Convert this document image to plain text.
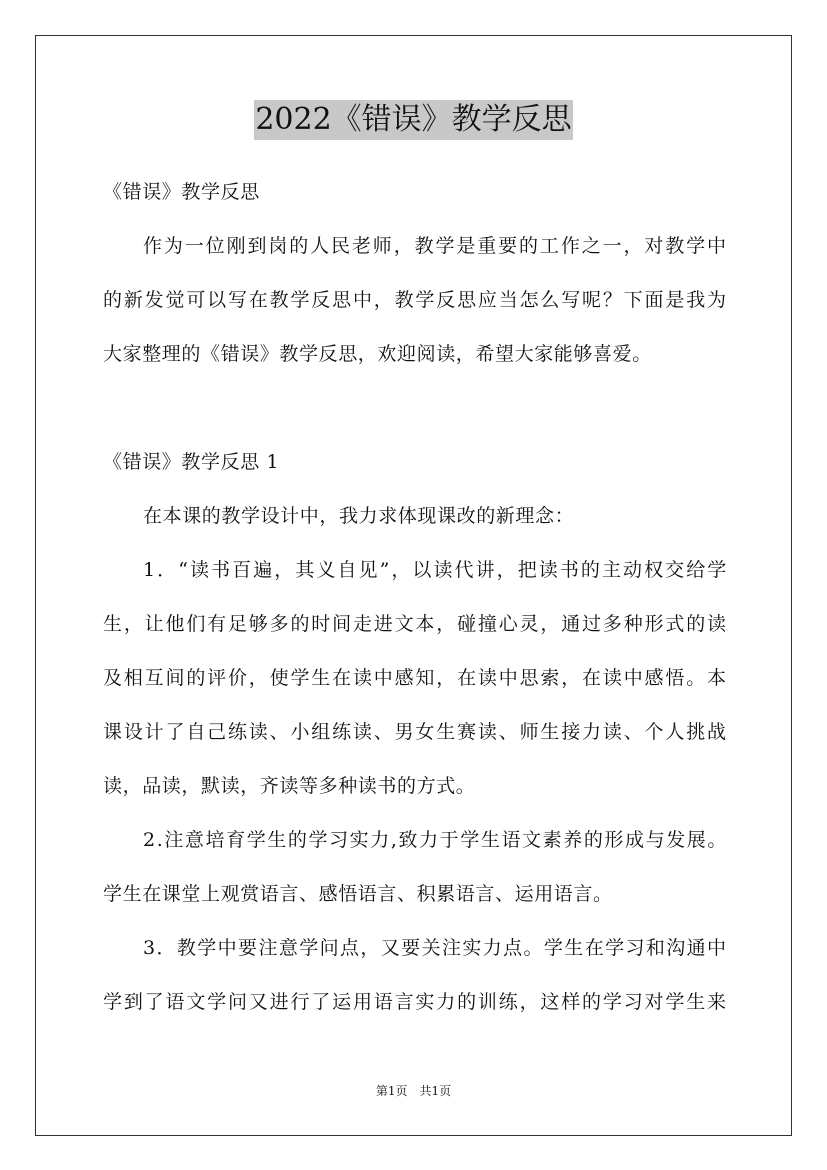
2022《错误》教学反思
《错误》教学反思
作 为 一 位 刚 到 岗 的 人 民 老 师 ， 教 学 是 重 要 的 工 作 之 一 ， 对 教 学 中
的 新 发 觉 可 以 写 在 教 学 反 思 中 ， 教 学 反 思 应 当 怎 么 写 呢 ？ 下 面 是 我 为
大家整理的《错误》教学反思，欢迎阅读，希望大家能够喜爱。
《错误》教学反思 1
在本课的教学设计中，我力求体现课改的新理念：
1 ． “ 读 书 百 遍 ， 其 义 自 见 ” ， 以 读 代 讲 ， 把 读 书 的 主 动 权 交 给 学
生 ， 让 他 们 有 足 够 多 的 时 间 走 进 文 本 ， 碰 撞 心 灵 ， 通 过 多 种 形 式 的 读
及 相 互 间 的 评 价 ， 使 学 生 在 读 中 感 知 ， 在 读 中 思 索 ， 在 读 中 感 悟 。 本
课 设 计 了 自 己 练 读 、 小 组 练 读 、 男 女 生 赛 读 、 师 生 接 力 读 、 个 人 挑 战
读，品读，默读，齐读等多种读书的方式。
2 . 注 意 培 育 学 生 的 学 习 实 力 , 致 力 于 学 生 语 文 素 养 的 形 成 与 发 展 。
学生在课堂上观赏语言、感悟语言、积累语言、运用语言。
3 ． 教 学 中 要 注 意 学 问 点 ， 又 要 关 注 实 力 点 。 学 生 在 学 习 和 沟 通 中
学 到 了 语 文 学 问 又 进 行 了 运 用 语 言 实 力 的 训 练 ， 这 样 的 学 习 对 学 生 来
第1页　共1页
